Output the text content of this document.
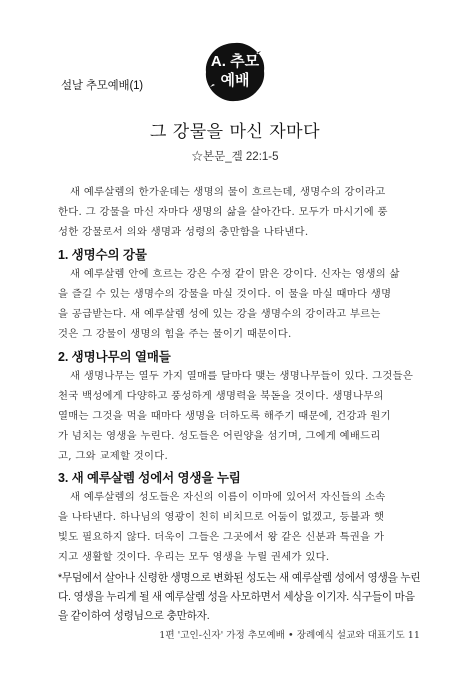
설날 추모예배(1)
A. 추모
예배
그 강물을 마신 자마다
☆본문_겔 22:1-5
새 예루살렘의 한가운데는 생명의 물이 흐르는데, 생명수의 강이라고
한다. 그 강물을 마신 자마다 생명의 삶을 살아간다. 모두가 마시기에 풍
성한 강물로서 의와 생명과 성령의 충만함을 나타낸다.
1. 생명수의 강물
새 예루살렘 안에 흐르는 강은 수정 같이 맑은 강이다. 신자는 영생의 삶
을 즐길 수 있는 생명수의 강물을 마실 것이다. 이 물을 마실 때마다 생명
을 공급받는다. 새 예루살렘 성에 있는 강을 생명수의 강이라고 부르는
것은 그 강물이 생명의 힘을 주는 물이기 때문이다.
2. 생명나무의 열매들
새 생명나무는 열두 가지 열매를 달마다 맺는 생명나무들이 있다. 그것들은
천국 백성에게 다양하고 풍성하게 생명력을 북돋을 것이다. 생명나무의
열매는 그것을 먹을 때마다 생명을 더하도록 해주기 때문에, 건강과 원기
가 넘치는 영생을 누린다. 성도들은 어린양을 섬기며, 그에게 예배드리
고, 그와 교제할 것이다.
3. 새 예루살렘 성에서 영생을 누림
새 예루살렘의 성도들은 자신의 이름이 이마에 있어서 자신들의 소속
을 나타낸다. 하나님의 영광이 친히 비치므로 어둠이 없겠고, 등불과 햇
빛도 필요하지 않다. 더욱이 그들은 그곳에서 왕 같은 신분과 특권을 가
지고 생활할 것이다. 우리는 모두 영생을 누릴 권세가 있다.
*무덤에서 살아나 신령한 생명으로 변화된 성도는 새 예루살렘 성에서 영생을 누린
다. 영생을 누리게 될 새 예루살렘 성을 사모하면서 세상을 이기자. 식구들이 마음
을 같이하여 성령님으로 충만하자.
1편 '고인-신자' 가정 추모예배 • 장례예식 설교와 대표기도 11
